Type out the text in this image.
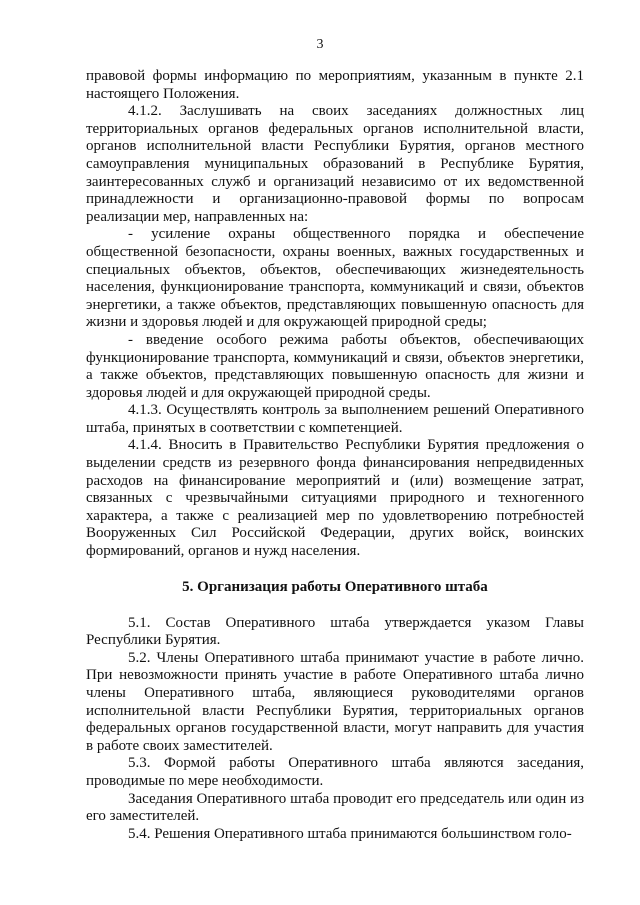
3

правовой формы информацию по мероприятиям, указанным в пункте 2.1 настоящего Положения.

4.1.2. Заслушивать на своих заседаниях должностных лиц территориальных органов федеральных органов исполнительной власти, органов исполнительной власти Республики Бурятия, органов местного самоуправления муниципальных образований в Республике Бурятия, заинтересованных служб и организаций независимо от их ведомственной принадлежности и организационно-правовой формы по вопросам реализации мер, направленных на:

- усиление охраны общественного порядка и обеспечение общественной безопасности, охраны военных, важных государственных и специальных объектов, объектов, обеспечивающих жизнедеятельность населения, функционирование транспорта, коммуникаций и связи, объектов энергетики, а также объектов, представляющих повышенную опасность для жизни и здоровья людей и для окружающей природной среды;

- введение особого режима работы объектов, обеспечивающих функционирование транспорта, коммуникаций и связи, объектов энергетики, а также объектов, представляющих повышенную опасность для жизни и здоровья людей и для окружающей природной среды.

4.1.3. Осуществлять контроль за выполнением решений Оперативного штаба, принятых в соответствии с компетенцией.

4.1.4. Вносить в Правительство Республики Бурятия предложения о выделении средств из резервного фонда финансирования непредвиденных расходов на финансирование мероприятий и (или) возмещение затрат, связанных с чрезвычайными ситуациями природного и техногенного характера, а также с реализацией мер по удовлетворению потребностей Вооруженных Сил Российской Федерации, других войск, воинских формирований, органов и нужд населения.

5. Организация работы Оперативного штаба

5.1. Состав Оперативного штаба утверждается указом Главы Республики Бурятия.

5.2. Члены Оперативного штаба принимают участие в работе лично. При невозможности принять участие в работе Оперативного штаба лично члены Оперативного штаба, являющиеся руководителями органов исполнительной власти Республики Бурятия, территориальных органов федеральных органов государственной власти, могут направить для участия в работе своих заместителей.

5.3. Формой работы Оперативного штаба являются заседания, проводимые по мере необходимости.

Заседания Оперативного штаба проводит его председатель или один из его заместителей.

5.4. Решения Оперативного штаба принимаются большинством голо-
